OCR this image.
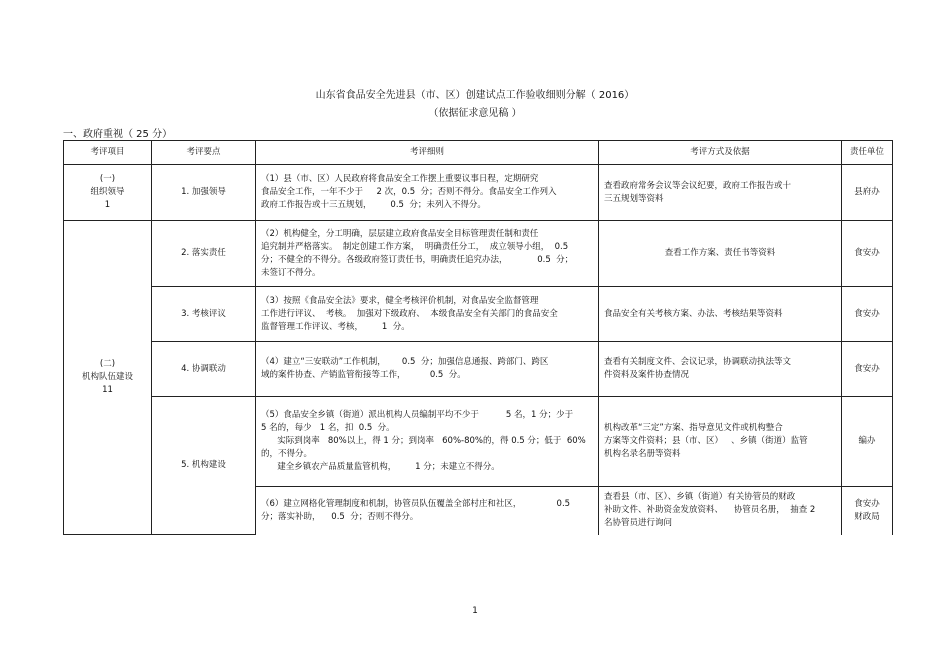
山东省食品安全先进县（市、区）创建试点工作验收细则分解（ 2016）
（依据征求意见稿 ）
一、政府重视（ 25 分）
考评项目	考评要点	考评细则	考评方式及依据	责任单位
(一)
组织领导
1	1. 加强领导	（1）县（市、区）人民政府将食品安全工作摆上重要议事日程，定期研究
食品安全工作，一年不少于     2 次，0.5  分；否则不得分。食品安全工作列入
政府工作报告或十三五规划，       0.5  分；未列入不得分。	查看政府常务会议等会议纪要，政府工作报告或十
三五规划等资料	县府办
(二)
机构队伍建设
11	2. 落实责任	（2）机构健全，分工明确，层层建立政府食品安全目标管理责任制和责任
追究制并严格落实。  制定创建工作方案，  明确责任分工，  成立领导小组，  0.5
分；不健全的不得分。各级政府签订责任书，明确责任追究办法，           0.5  分；
未签订不得分。	查看工作方案、责任书等资料	食安办
	3. 考核评议	（3）按照《食品安全法》要求，健全考核评价机制，对食品安全监督管理
工作进行评议、  考核。  加强对下级政府、  本级食品安全有关部门的食品安全
监督管理工作评议、考核，       1  分。	食品安全有关考核方案、办法、考核结果等资料	食安办
	4. 协调联动	（4）建立“三安联动”工作机制，      0.5  分；加强信息通报、跨部门、跨区
域的案件协查、产销监管衔接等工作，         0.5  分。	查看有关制度文件、会议记录，协调联动执法等文
件资料及案件协查情况	食安办
	5. 机构建设	（5）食品安全乡镇（街道）派出机构人员编制平均不少于          5 名，1 分；少于
5 名的，每少   1 名，扣  0.5  分。
实际到岗率   80%以上，得 1 分；到岗率   60%-80%的，得 0.5 分；低于  60%
的，不得分。
建全乡镇农产品质量监管机构，       1 分；未建立不得分。	机构改革“三定”方案、指导意见文件或机构整合
方案等文件资料；县（市、区）   、乡镇（街道）监管
机构名录名册等资料	编办
		（6）建立网格化管理制度和机制，协管员队伍覆盖全部村庄和社区，             0.5
分；落实补助，    0.5  分；否则不得分。	查看县（市、区）、乡镇（街道）有关协管员的财政
补助文件、补助资金发放资料、    协管员名册，  抽查 2
名协管员进行询问	食安办
财政局
1
